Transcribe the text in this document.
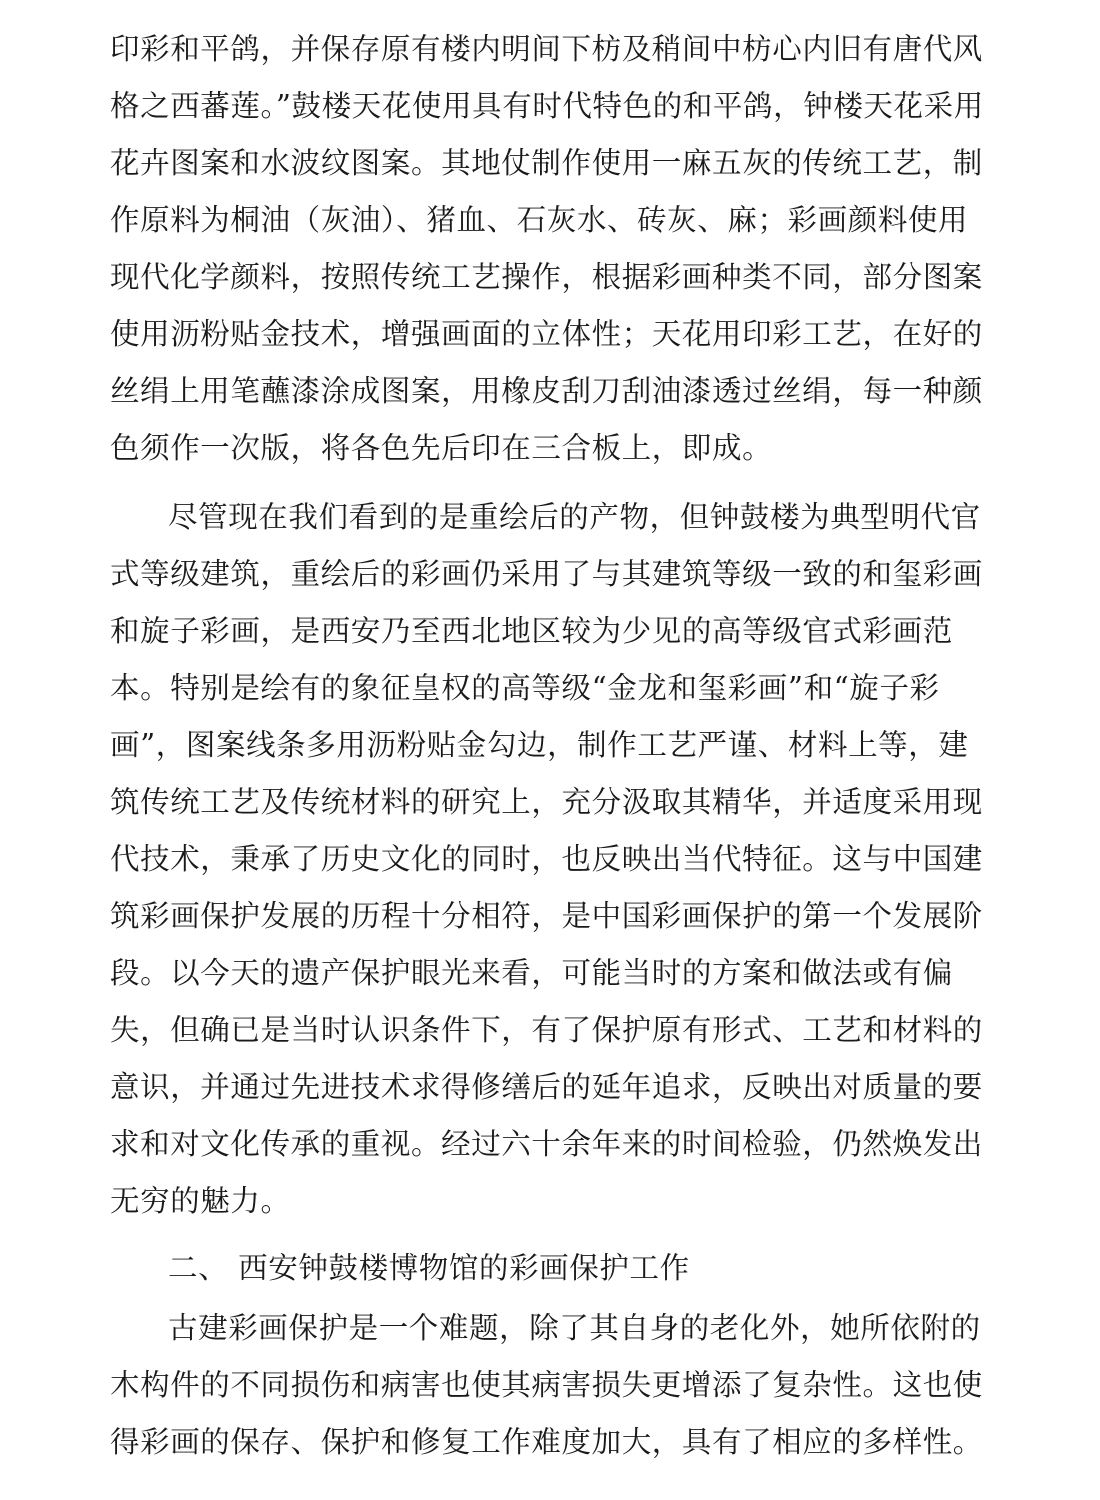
印彩和平鸽，并保存原有楼内明间下枋及稍间中枋心内旧有唐代风

格之西蕃莲。”鼓楼天花使用具有时代特色的和平鸽，钟楼天花采用

花卉图案和水波纹图案。其地仗制作使用一麻五灰的传统工艺，制

作原料为桐油（灰油）、猪血、石灰水、砖灰、麻；彩画颜料使用

现代化学颜料，按照传统工艺操作，根据彩画种类不同，部分图案

使用沥粉贴金技术，增强画面的立体性；天花用印彩工艺，在好的

丝绢上用笔蘸漆涂成图案，用橡皮刮刀刮油漆透过丝绢，每一种颜

色须作一次版，将各色先后印在三合板上，即成。

尽管现在我们看到的是重绘后的产物，但钟鼓楼为典型明代官

式等级建筑，重绘后的彩画仍采用了与其建筑等级一致的和玺彩画

和旋子彩画，是西安乃至西北地区较为少见的高等级官式彩画范

本。特别是绘有的象征皇权的高等级“金龙和玺彩画”和“旋子彩

画”，图案线条多用沥粉贴金勾边，制作工艺严谨、材料上等，建

筑传统工艺及传统材料的研究上，充分汲取其精华，并适度采用现

代技术，秉承了历史文化的同时，也反映出当代特征。这与中国建

筑彩画保护发展的历程十分相符，是中国彩画保护的第一个发展阶

段。以今天的遗产保护眼光来看，可能当时的方案和做法或有偏

失，但确已是当时认识条件下，有了保护原有形式、工艺和材料的

意识，并通过先进技术求得修缮后的延年追求，反映出对质量的要

求和对文化传承的重视。经过六十余年来的时间检验，仍然焕发出

无穷的魅力。

二、 西安钟鼓楼博物馆的彩画保护工作

古建彩画保护是一个难题，除了其自身的老化外，她所依附的

木构件的不同损伤和病害也使其病害损失更增添了复杂性。这也使

得彩画的保存、保护和修复工作难度加大，具有了相应的多样性。
